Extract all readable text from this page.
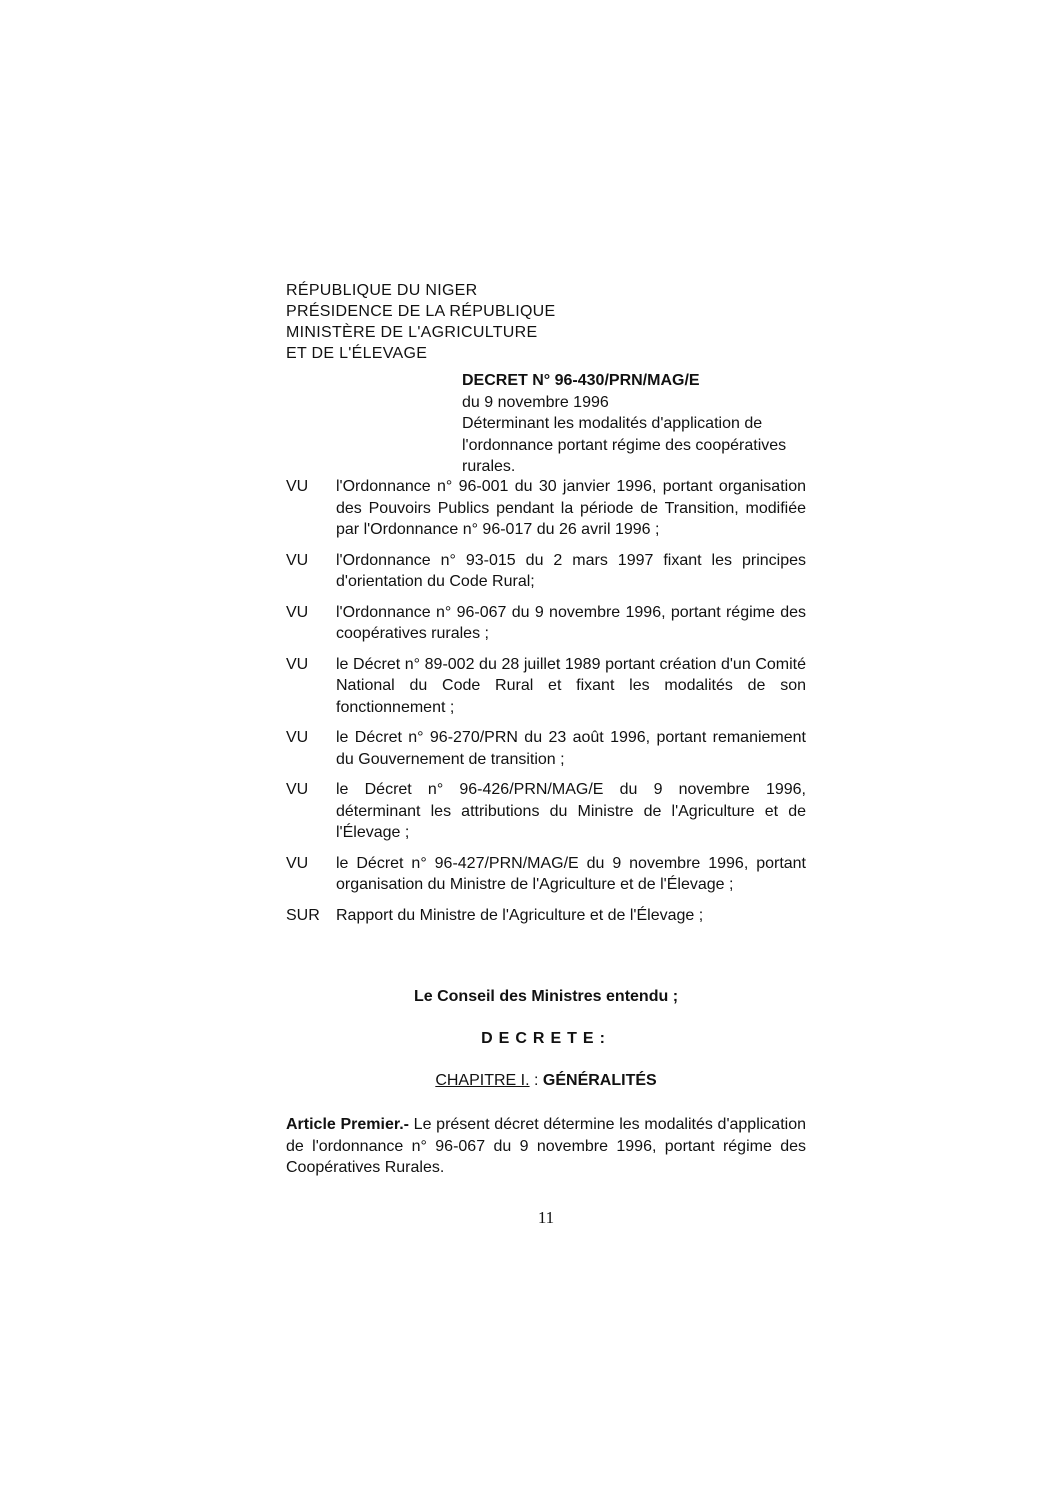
RÉPUBLIQUE DU NIGER
PRÉSIDENCE DE LA RÉPUBLIQUE
MINISTÈRE DE L'AGRICULTURE
ET DE L'ÉLEVAGE
DECRET N° 96-430/PRN/MAG/E
du 9 novembre 1996
Déterminant les modalités d'application de l'ordonnance portant régime des coopératives rurales.
VU	l'Ordonnance n° 96-001 du 30 janvier 1996, portant organisation des Pouvoirs Publics pendant la période de Transition, modifiée par l'Ordonnance n° 96-017 du 26 avril 1996 ;
VU	l'Ordonnance n° 93-015 du 2 mars 1997 fixant les principes d'orientation du Code Rural;
VU	l'Ordonnance n° 96-067 du 9 novembre 1996, portant régime des coopératives rurales ;
VU	le Décret n° 89-002 du 28 juillet 1989 portant création d'un Comité National du Code Rural et fixant les modalités de son fonctionnement ;
VU	le Décret n° 96-270/PRN du 23 août 1996, portant remaniement du Gouvernement de transition ;
VU	le Décret n° 96-426/PRN/MAG/E du 9 novembre 1996, déterminant les attributions du Ministre de l'Agriculture et de l'Élevage ;
VU	le Décret n° 96-427/PRN/MAG/E du 9 novembre 1996, portant organisation du Ministre de l'Agriculture et de l'Élevage ;
SUR	Rapport du Ministre de l'Agriculture et de l'Élevage ;
Le Conseil des Ministres entendu ;
DECRETE:
CHAPITRE I. : GÉNÉRALITÉS
Article Premier.- Le présent décret détermine les modalités d'application de l'ordonnance n° 96-067 du 9 novembre 1996, portant régime des Coopératives Rurales.
11
